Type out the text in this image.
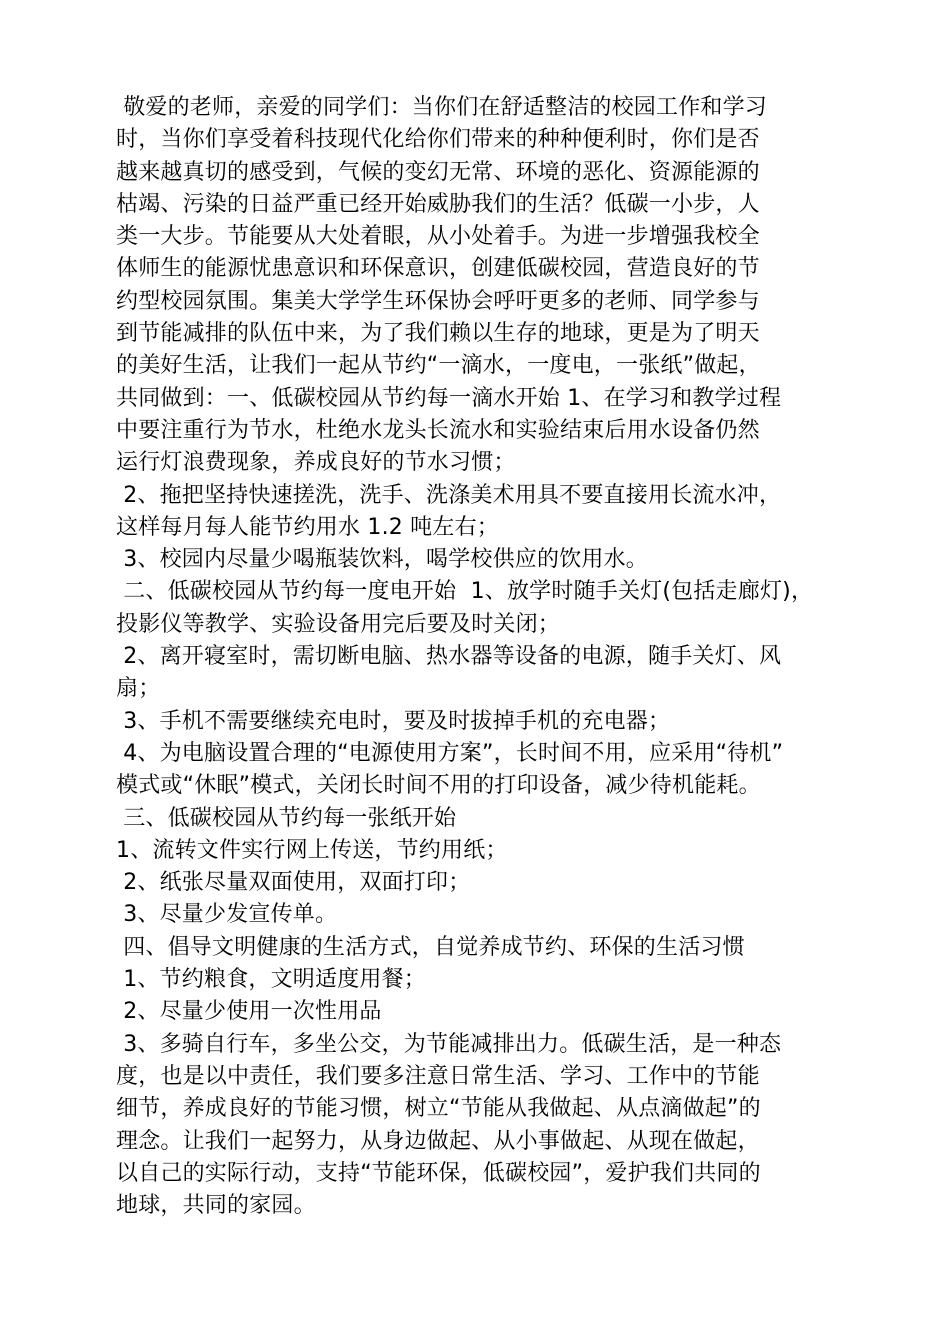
敬爱的老师，亲爱的同学们：当你们在舒适整洁的校园工作和学习
时，当你们享受着科技现代化给你们带来的种种便利时，你们是否
越来越真切的感受到，气候的变幻无常、环境的恶化、资源能源的
枯竭、污染的日益严重已经开始威胁我们的生活？低碳一小步，人
类一大步。节能要从大处着眼，从小处着手。为进一步增强我校全
体师生的能源忧患意识和环保意识，创建低碳校园，营造良好的节
约型校园氛围。集美大学学生环保协会呼吁更多的老师、同学参与
到节能减排的队伍中来，为了我们赖以生存的地球，更是为了明天
的美好生活，让我们一起从节约“一滴水，一度电，一张纸”做起，
共同做到：一、低碳校园从节约每一滴水开始 1、在学习和教学过程
中要注重行为节水，杜绝水龙头长流水和实验结束后用水设备仍然
运行灯浪费现象，养成良好的节水习惯；
2、拖把坚持快速搓洗，洗手、洗涤美术用具不要直接用长流水冲，
这样每月每人能节约用水 1.2 吨左右；
3、校园内尽量少喝瓶装饮料，喝学校供应的饮用水。
二、低碳校园从节约每一度电开始  1、放学时随手关灯(包括走廊灯)，
投影仪等教学、实验设备用完后要及时关闭；
2、离开寝室时，需切断电脑、热水器等设备的电源，随手关灯、风
扇；
3、手机不需要继续充电时，要及时拔掉手机的充电器；
4、为电脑设置合理的“电源使用方案”，长时间不用，应采用“待机”
模式或“休眠”模式，关闭长时间不用的打印设备，减少待机能耗。
三、低碳校园从节约每一张纸开始
1、流转文件实行网上传送，节约用纸；
2、纸张尽量双面使用，双面打印；
3、尽量少发宣传单。
四、倡导文明健康的生活方式，自觉养成节约、环保的生活习惯
1、节约粮食，文明适度用餐；
2、尽量少使用一次性用品
3、多骑自行车，多坐公交，为节能减排出力。低碳生活，是一种态
度，也是以中责任，我们要多注意日常生活、学习、工作中的节能
细节，养成良好的节能习惯，树立“节能从我做起、从点滴做起”的
理念。让我们一起努力，从身边做起、从小事做起、从现在做起，
以自己的实际行动，支持“节能环保，低碳校园”，爱护我们共同的
地球，共同的家园。
